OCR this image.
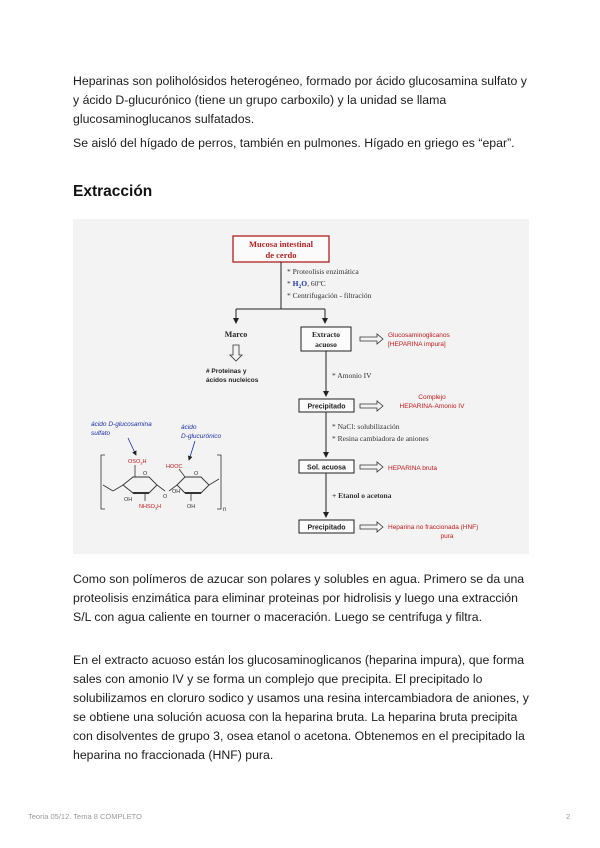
Heparinas son poliholósidos heterogéneo, formado por ácido glucosamina sulfato y y ácido D-glucurónico (tiene un grupo carboxilo) y la unidad se llama glucosaminoglucanos sulfatados.

Se aisló del hígado de perros, también en pulmones. Hígado en griego es “epar”.

Extracción
Mucosa intestinal
de cerdo
* Proteolisis enzimática
* $H_2O$, 60ºC
* Centrifugación - filtración
Marco
# Proteinas y
ácidos nucleicos
Extracto
acuoso
Glucosaminoglicanos
[HEPARINA impura]
* Amonio IV
Precipitado
Complejo
HEPARINA-Amonio IV
* NaCl: solubilización
* Resina cambiadora de aniones
Sol. acuosa	HEPARINA bruta
+ Etanol o acetona
Precipitado	Heparina no fraccionada (HNF)
pura
ácido D-glucosamina
sulfato
ácido
D-glucurónico
n
O
$OSO_3H$
OH
$NHSO_3H$
O
O
HOOC
OH
OH

Como son polímeros de azucar son polares y solubles en agua. Primero se da una proteolisis enzimática para eliminar proteinas por hidrolisis y luego una extracción S/L con agua caliente en tourner o maceración. Luego se centrifuga y filtra.

En el extracto acuoso están los glucosaminoglicanos (heparina impura), que forma sales con amonio IV y se forma un complejo que precipita. El precipitado lo solubilizamos en cloruro sodico y usamos una resina intercambiadora de aniones, y se obtiene una solución acuosa con la heparina bruta. La heparina bruta precipita con disolventes de grupo 3, osea etanol o acetona. Obtenemos en el precipitado la heparina no fraccionada (HNF) pura.

Teoria 05/12. Tema 8 COMPLETO	2
